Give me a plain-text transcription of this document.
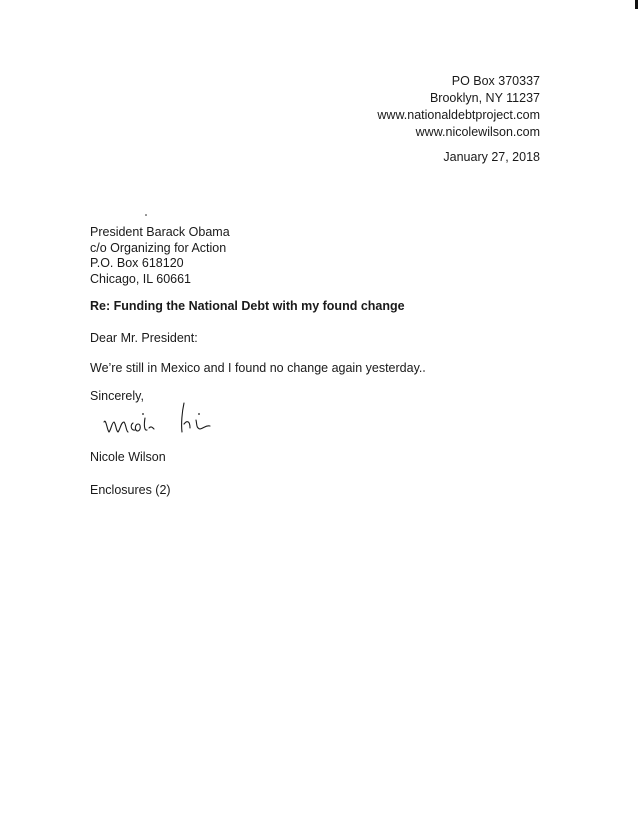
PO Box 370337
Brooklyn, NY 11237
www.nationaldebtproject.com
www.nicolewilson.com
January 27, 2018
President Barack Obama
c/o Organizing for Action
P.O. Box 618120
Chicago, IL 60661
Re: Funding the National Debt with my found change
Dear Mr. President:
We’re still in Mexico and I found no change again yesterday.
Sincerely,
Nicole Wilson
Enclosures (2)
